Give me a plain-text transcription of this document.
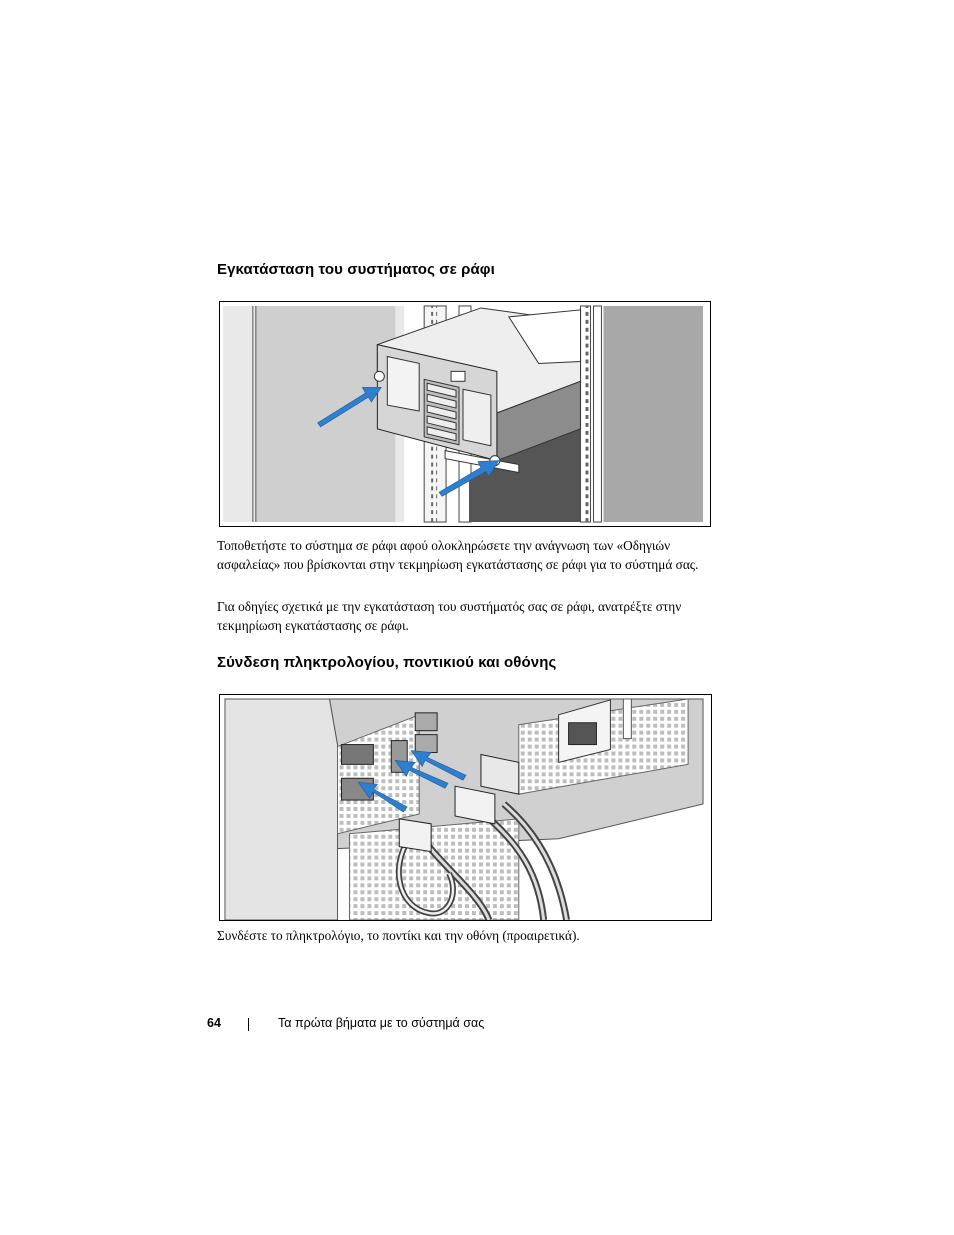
Εγκατάσταση του συστήματος σε ράφι

Τοποθετήστε το σύστημα σε ράφι αφού ολοκληρώσετε την ανάγνωση των «Οδηγιών ασφαλείας» που βρίσκονται στην τεκμηρίωση εγκατάστασης σε ράφι για το σύστημά σας.

Για οδηγίες σχετικά με την εγκατάσταση του συστήματός σας σε ράφι, ανατρέξτε στην τεκμηρίωση εγκατάστασης σε ράφι.

Σύνδεση πληκτρολογίου, ποντικιού και οθόνης

Συνδέστε το πληκτρολόγιο, το ποντίκι και την οθόνη (προαιρετικά).

64	Τα πρώτα βήματα με το σύστημά σας
